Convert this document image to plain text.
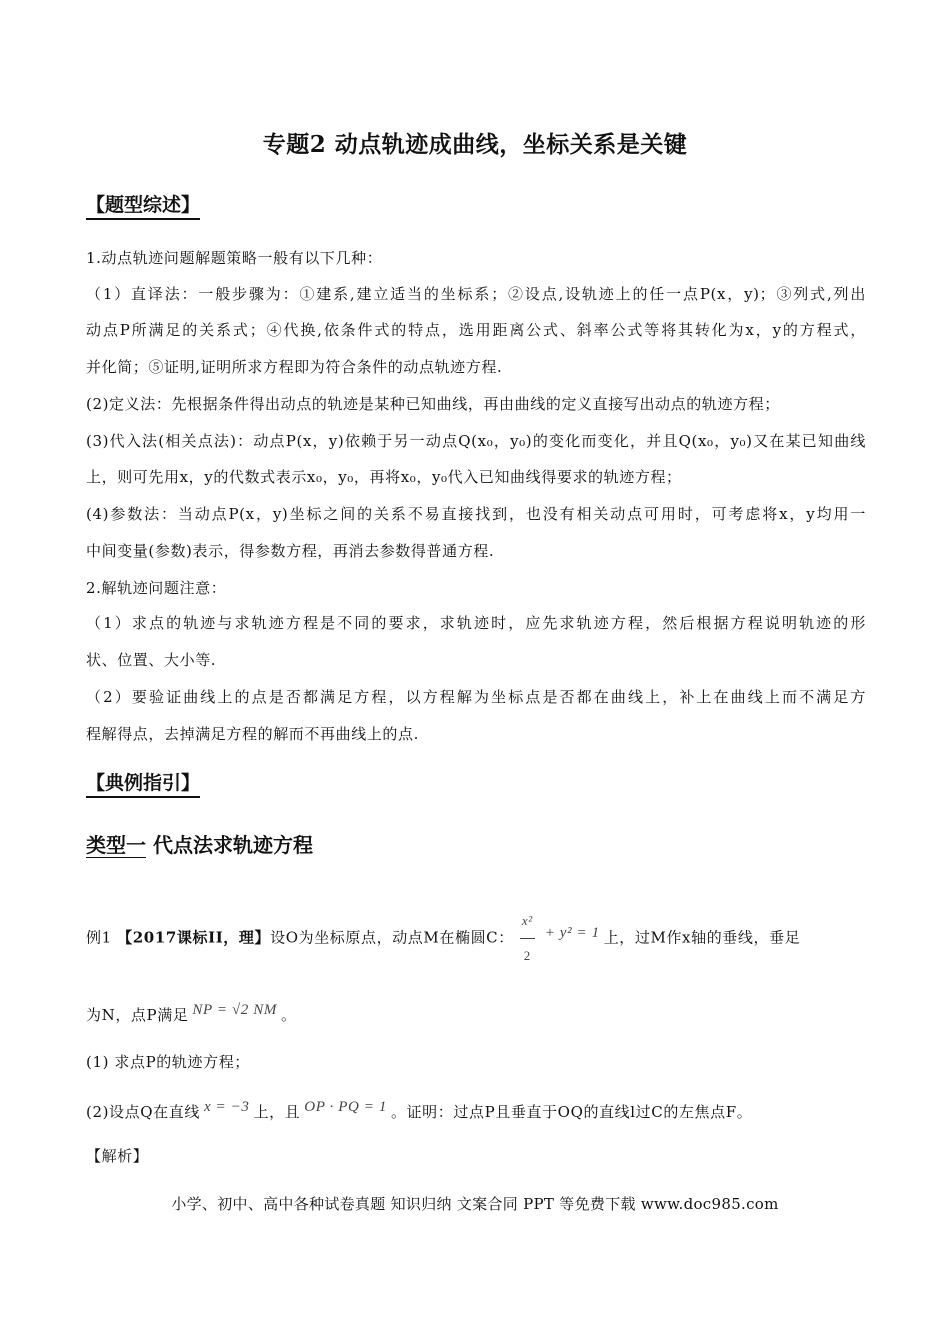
专题2 动点轨迹成曲线，坐标关系是关键
【题型综述】
1.动点轨迹问题解题策略一般有以下几种：
（1）直译法：一般步骤为：①建系,建立适当的坐标系；②设点,设轨迹上的任一点P(x，y)；③列式,列出
动点P所满足的关系式；④代换,依条件式的特点，选用距离公式、斜率公式等将其转化为x，y的方程式，
并化简；⑤证明,证明所求方程即为符合条件的动点轨迹方程.
(2)定义法：先根据条件得出动点的轨迹是某种已知曲线，再由曲线的定义直接写出动点的轨迹方程；
(3)代入法(相关点法)：动点P(x，y)依赖于另一动点Q(x₀，y₀)的变化而变化，并且Q(x₀，y₀)又在某已知曲线
上，则可先用x，y的代数式表示x₀，y₀，再将x₀，y₀代入已知曲线得要求的轨迹方程；
(4)参数法：当动点P(x，y)坐标之间的关系不易直接找到，也没有相关动点可用时，可考虑将x，y均用一
中间变量(参数)表示，得参数方程，再消去参数得普通方程.
2.解轨迹问题注意：
（1）求点的轨迹与求轨迹方程是不同的要求，求轨迹时，应先求轨迹方程，然后根据方程说明轨迹的形
状、位置、大小等.
（2）要验证曲线上的点是否都满足方程，以方程解为坐标点是否都在曲线上，补上在曲线上而不满足方
程解得点，去掉满足方程的解而不再曲线上的点.
【典例指引】
类型一 代点法求轨迹方程
例1 【2017课标II，理】设O为坐标原点，动点M在椭圆C： $\frac{\text{x²}}{2} + y^2 = 1$ 上，过M作x轴的垂线，垂足
为N，点P满足 NP = √2 NM 。
(1) 求点P的轨迹方程；
(2)设点Q在直线 x = −3 上，且 OP · PQ = 1 。证明：过点P且垂直于OQ的直线l过C的左焦点F。
【解析】
小学、初中、高中各种试卷真题 知识归纳 文案合同 PPT 等免费下载 www.doc985.com
